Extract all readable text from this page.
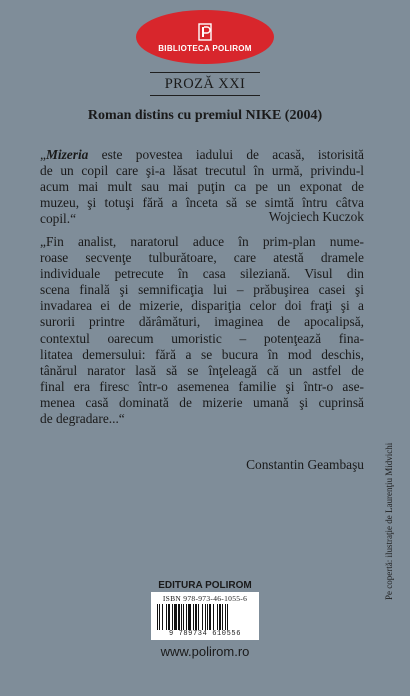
BIBLIOTECA POLIROM
PROZĂ XXI
Roman distins cu premiul NIKE (2004)
„Mizeria este povestea iadului de acasă, istorisită
de un copil care şi-a lăsat trecutul în urmă, privindu-l
acum mai mult sau mai puţin ca pe un exponat de
muzeu, şi totuşi fără a înceta să se simtă întru câtva
copil.“	Wojciech Kuczok
„Fin analist, naratorul aduce în prim-plan nume-
roase secvenţe tulburătoare, care atestă dramele
individuale petrecute în casa sileziană. Visul din
scena finală şi semnificaţia lui – prăbuşirea casei şi
invadarea ei de mizerie, dispariţia celor doi fraţi şi a
surorii printre dărâmături, imaginea de apocalipsă,
contextul oarecum umoristic – potenţează fina-
litatea demersului: fără a se bucura în mod deschis,
tânărul narator lasă să se înţeleagă că un astfel de
final era firesc într-o asemenea familie şi într-o ase-
menea casă dominată de mizerie umană şi cuprinsă
de degradare...“
Constantin Geambaşu Pe copertă: ilustraţie de Laurenţiu Midvichi
EDITURA POLIROM
ISBN 978-973-46-1055-6
9 789734 610556
www.polirom.ro
